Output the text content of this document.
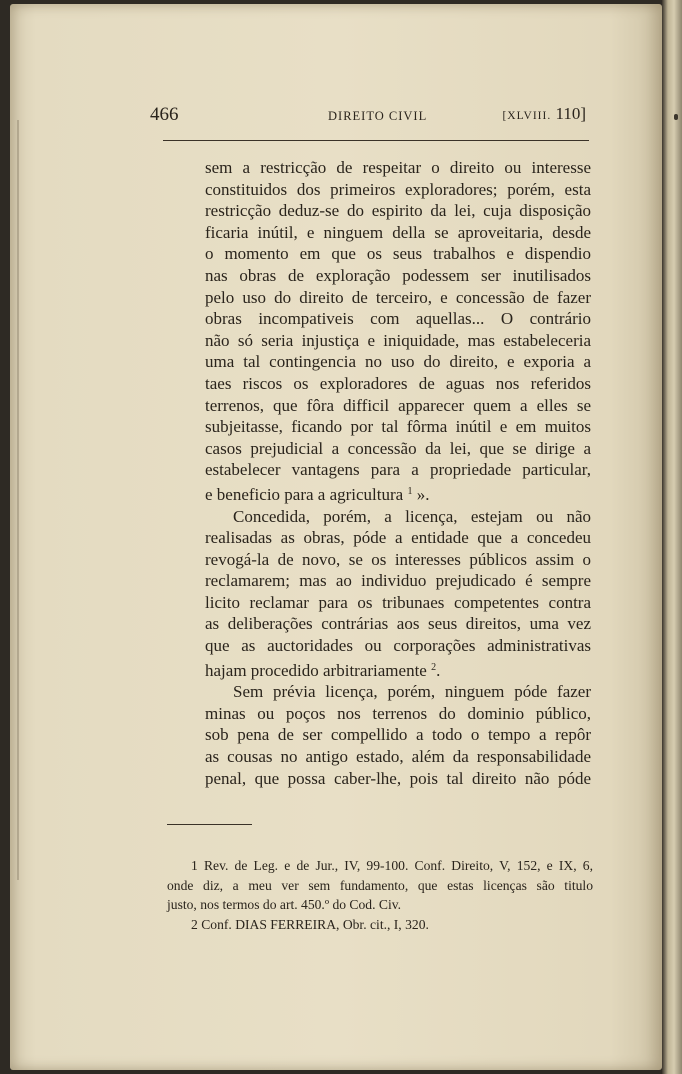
466	DIREITO CIVIL	[XLVIII. 110]
sem a restricção de respeitar o direito ou interesse
constituidos dos primeiros exploradores; porém, esta
restricção deduz-se do espirito da lei, cuja disposição
ficaria inútil, e ninguem della se aproveitaria, desde
o momento em que os seus trabalhos e dispendio
nas obras de exploração podessem ser inutilisados
pelo uso do direito de terceiro, e concessão de fazer
obras incompativeis com aquellas... O contrário
não só seria injustiça e iniquidade, mas estabeleceria
uma tal contingencia no uso do direito, e exporia a
taes riscos os exploradores de aguas nos referidos
terrenos, que fôra difficil apparecer quem a elles se
subjeitasse, ficando por tal fôrma inútil e em muitos
casos prejudicial a concessão da lei, que se dirige a
estabelecer vantagens para a propriedade particular,
e beneficio para a agricultura $^1$ ».
Concedida, porém, a licença, estejam ou não
realisadas as obras, póde a entidade que a concedeu
revogá-la de novo, se os interesses públicos assim o
reclamarem; mas ao individuo prejudicado é sempre
licito reclamar para os tribunaes competentes contra
as deliberações contrárias aos seus direitos, uma vez
que as auctoridades ou corporações administrativas
hajam procedido arbitrariamente $^2$.
Sem prévia licença, porém, ninguem póde fazer
minas ou poços nos terrenos do dominio público,
sob pena de ser compellido a todo o tempo a repôr
as cousas no antigo estado, além da responsabilidade
penal, que possa caber-lhe, pois tal direito não póde
1 Rev. de Leg. e de Jur., IV, 99-100. Conf. Direito, V, 152, e IX, 6,
onde diz, a meu ver sem fundamento, que estas licenças são titulo
justo, nos termos do art. 450.º do Cod. Civ.
2 Conf. DIAS FERREIRA, Obr. cit., I, 320.
